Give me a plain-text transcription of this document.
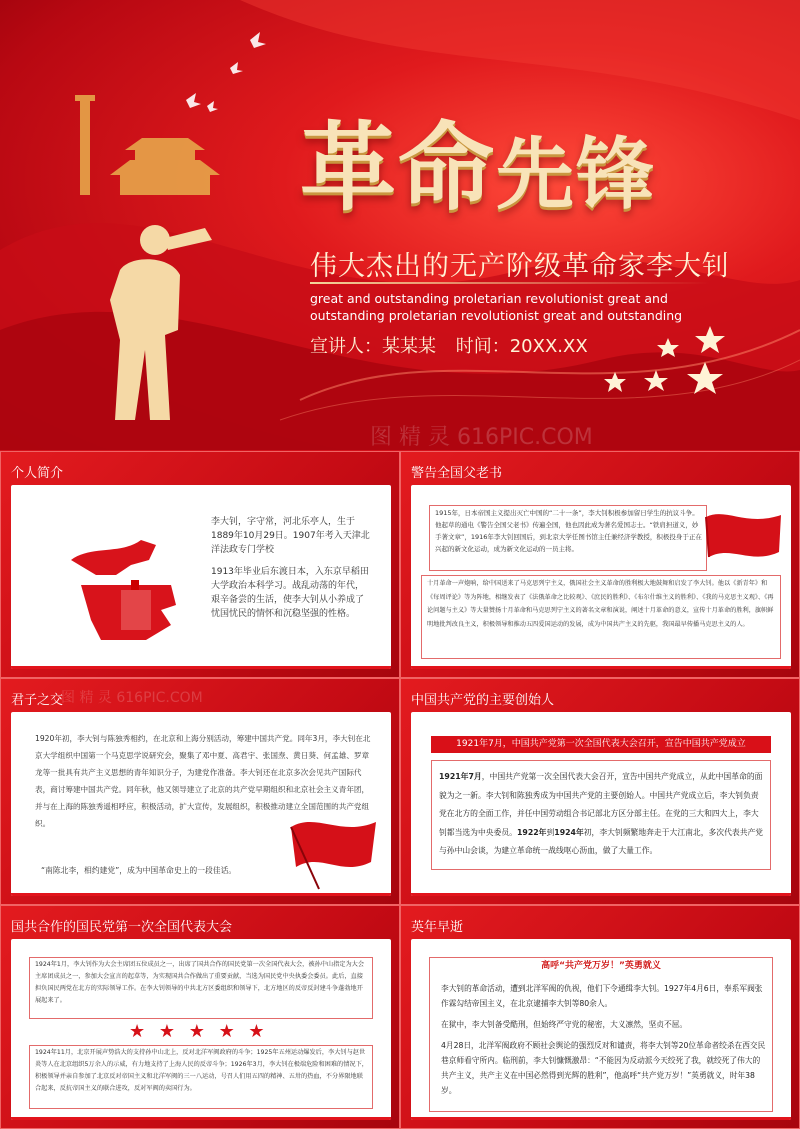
革命先锋
伟大杰出的无产阶级革命家李大钊
great and outstanding proletarian revolutionist great and outstanding proletarian revolutionist great and outstanding
宣讲人：某某某 时间：20XX.XX
图 精 灵 616PIC.COM
个人简介

李大钊，字守常，河北乐亭人，生于1889年10月29日。1907年考入天津北洋法政专门学校

1913年毕业后东渡日本，入东京早稻田大学政治本科学习。战乱动荡的年代，艰辛备尝的生活，使李大钊从小养成了忧国忧民的情怀和沉稳坚强的性格。

图 精 灵 616PIC.COM
警告全国父老书
1915年，日本帝国主义提出灭亡中国的“二十一条”，李大钊积极参加留日学生的抗议斗争。他起草的通电《警告全国父老书》传遍全国，他也因此成为著名爱国志士。“铁肩担道义，妙手著文章”，1916年李大钊回国后，到北京大学任图书馆主任兼经济学教授，积极投身于正在兴起的新文化运动，成为新文化运动的一员主将。
十月革命一声炮响，给中国送来了马克思列宁主义，俄国社会主义革命的胜利极大地鼓舞和启发了李大钊。他以《新青年》和《每周评论》等为阵地，相继发表了《法俄革命之比较观》、《庶民的胜利》、《布尔什维主义的胜利》、《我的马克思主义观》、《再论问题与主义》等大量赞扬十月革命和马克思列宁主义的著名文章和演说，阐述十月革命的意义，宣传十月革命的胜利，旗帜鲜明地批判改良主义，积极领导和推动五四爱国运动的发展，成为中国共产主义的先驱，我国最早传播马克思主义的人。
君子之交
1920年初，李大钊与陈独秀相约，在北京和上海分别活动，筹建中国共产党。同年3月，李大钊在北京大学组织中国第一个马克思学说研究会，聚集了邓中夏、高君宇、张国焘、黄日葵、何孟雄、罗章龙等一批具有共产主义思想的青年知识分子，为建党作准备。李大钊还在北京多次会见共产国际代表，商讨筹建中国共产党。同年秋，他又领导建立了北京的共产党早期组织和北京社会主义青年团，并与在上海的陈独秀遥相呼应，积极活动，扩大宣传，发展组织，积极推动建立全国范围的共产党组织。
“南陈北李，相约建党”，成为中国革命史上的一段佳话。
图 精 灵 616PIC.COM	中国共产党的主要创始人
1921年7月，中国共产党第一次全国代表大会召开，宣告中国共产党成立
1921年7月，中国共产党第一次全国代表大会召开，宣告中国共产党成立，从此中国革命的面貌为之一新。李大钊和陈独秀成为中国共产党的主要创始人。中国共产党成立后，李大钊负责党在北方的全面工作，并任中国劳动组合书记部北方区分部主任。在党的三大和四大上，李大钊都当选为中央委员。1922年到1924年初，李大钊频繁地奔走于大江南北，多次代表共产党与孙中山会谈，为建立革命统一战线呕心沥血，做了大量工作。
国共合作的国民党第一次全国代表大会
1924年1月，李大钊作为大会主席团五位成员之一，出席了国共合作的国民党第一次全国代表大会，被孙中山指定为大会主席团成员之一，参加大会宣言的起草等，为实现国共合作做出了重要贡献，当选为国民党中央执委会委员。此后，直接担负国民两党在北方的实际领导工作。在李大钊领导的中共北方区委组织和领导下，北方地区的反帝反封建斗争蓬勃地开展起来了。
★ ★ ★ ★ ★
1924年11月，北京开展声势浩大的支持孙中山北上，反对北洋军阀政府的斗争；1925年五州运动爆发后，李大钊与赵世炎等人在北京组织5万余人的示威，有力地支持了上海人民的反帝斗争；1926年3月，李大钊在极端危险和困难的情况下，积极领导并亲自参加了北京反对帝国主义和北洋军阀的三一八运动，号召人们用五四的精神、五卅的热血，不分界限地联合起来，反抗帝国主义的联合进攻，反对军阀的卖国行为。
英年早逝
高呼“共产党万岁！”英勇就义

李大钊的革命活动，遭到北洋军阀的仇视，他们下令通缉李大钊。1927年4月6日，奉系军阀张作霖勾结帝国主义，在北京逮捕李大钊等80余人。

在狱中，李大钊备受酷刑，但始终严守党的秘密，大义凛然，坚贞不屈。

4月28日，北洋军阀政府不顾社会舆论的强烈反对和谴责，将李大钊等20位革命者绞杀在西交民巷京师看守所内。临刑前，李大钊慷慨激昂：“不能因为反动派今天绞死了我，就绞死了伟大的共产主义，共产主义在中国必然得到光辉的胜利”，他高呼“共产党万岁！”英勇就义，时年38岁。
